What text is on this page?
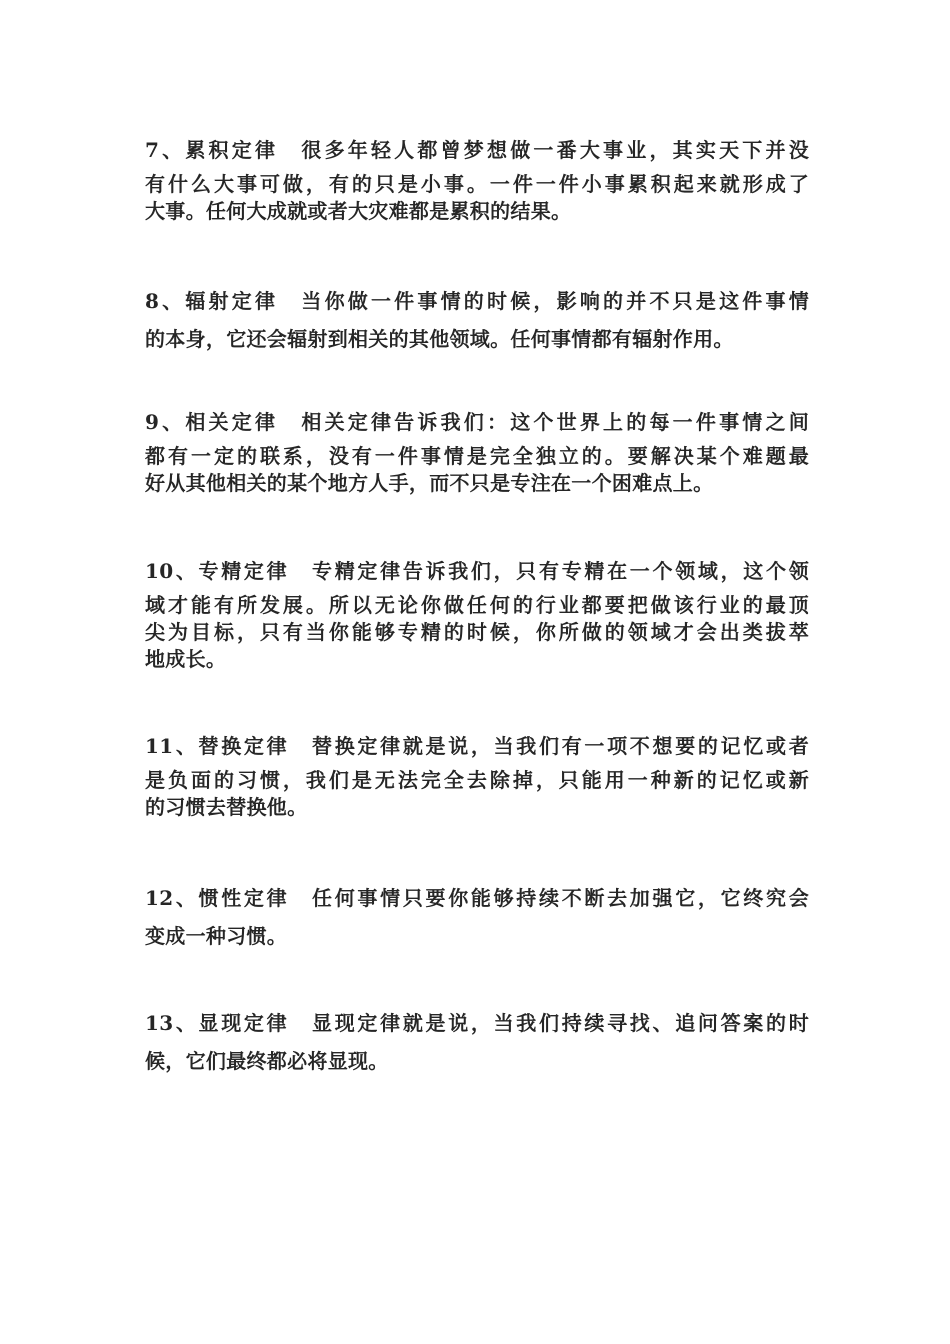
7、累积定律　很多年轻人都曾梦想做一番大事业，其实天下并没
有什么大事可做，有的只是小事。一件一件小事累积起来就形成了
大事。任何大成就或者大灾难都是累积的结果。

8、辐射定律　当你做一件事情的时候，影响的并不只是这件事情
的本身，它还会辐射到相关的其他领域。任何事情都有辐射作用。

9、相关定律　相关定律告诉我们：这个世界上的每一件事情之间
都有一定的联系，没有一件事情是完全独立的。要解决某个难题最
好从其他相关的某个地方人手，而不只是专注在一个困难点上。

10、专精定律　专精定律告诉我们，只有专精在一个领域，这个领
域才能有所发展。所以无论你做任何的行业都要把做该行业的最顶
尖为目标，只有当你能够专精的时候，你所做的领域才会出类拔萃
地成长。

11、替换定律　替换定律就是说，当我们有一项不想要的记忆或者
是负面的习惯，我们是无法完全去除掉，只能用一种新的记忆或新
的习惯去替换他。

12、惯性定律　任何事情只要你能够持续不断去加强它，它终究会
变成一种习惯。

13、显现定律　显现定律就是说，当我们持续寻找、追问答案的时
候，它们最终都必将显现。
